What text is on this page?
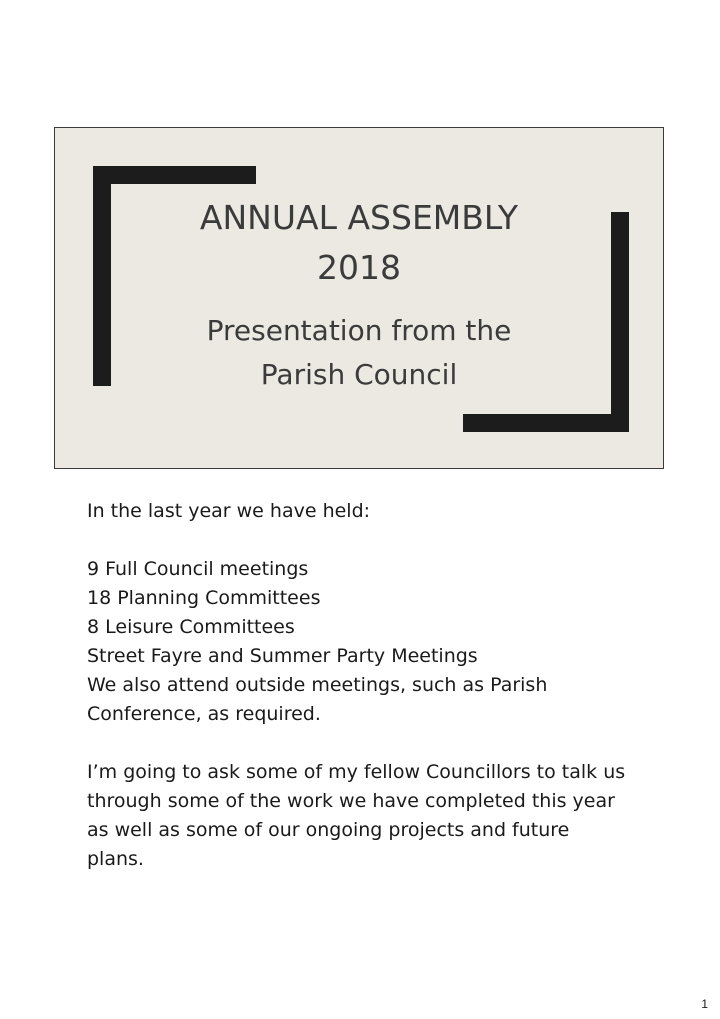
ANNUAL ASSEMBLY
2018
Presentation from the
Parish Council
In the last year we have held:
9 Full Council meetings
18 Planning Committees
8 Leisure Committees
Street Fayre and Summer Party Meetings
We also attend outside meetings, such as Parish
Conference, as required.
I’m going to ask some of my fellow Councillors to talk us
through some of the work we have completed this year
as well as some of our ongoing projects and future
plans.
1
